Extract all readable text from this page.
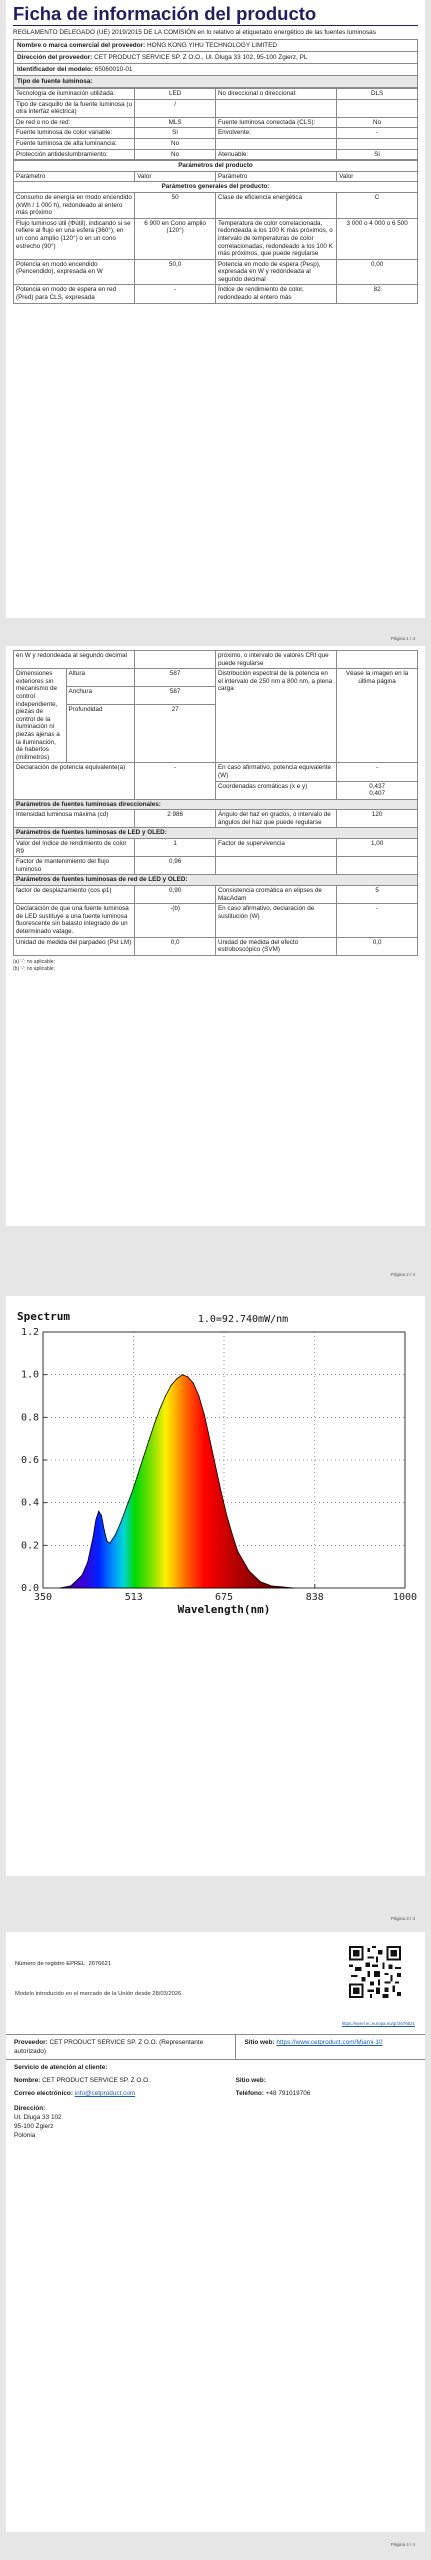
Ficha de información del producto
REGLAMENTO DELEGADO (UE) 2019/2015 DE LA COMISIÓN en lo relativo al etiquetado energético de las fuentes luminosas
Nombre o marca comercial del proveedor: HONG KONG YIHU TECHNOLOGY LIMITED
Dirección del proveedor: CET PRODUCT SERVICE SP. Z O.O., Ul. Dluga 33 102, 95-100 Zgierz, PL
Identificador del modelo: 65060010-01
Tipo de fuente luminosa:
Tecnología de iluminación utilizada:	LED	No direccional o direccional:	DLS
Tipo de casquillo de la fuente luminosa (u otra interfaz eléctrica)	/		
De red o no de red:	MLS	Fuente luminosa conectada (CLS):	No
Fuente luminosa de color variable:	Sí	Envolvente:	-
Fuente luminosa de alta luminancia:	No		
Protección antideslumbramiento:	No	Atenuable:	Sí
Parámetros del producto			
Parámetro	Valor	Parámetro	Valor
Parámetros generales del producto:			
Consumo de energía en modo encendido (kWh / 1 000 h), redondeado al entero más próximo	50	Clase de eficiencia energética	C
Flujo luminoso útil (Φútil), indicando si se refiere al flujo en una esfera (360°), en un cono amplio (120°) o en un cono estrecho (90°)	6 900 en Cono amplio (120°)	Temperatura de color correlacionada, redondeada a los 100 K más próximos, o intervalo de temperaturas de color correlacionadas, redondeado a los 100 K más próximos, que puede regularse	3 000 o 4 000 o 6 500
Potencia en modo encendido (Pencendido), expresada en W	50,0	Potencia en modo de espera (Pesp), expresada en W y redondeada al segundo decimal	0,00
Potencia en modo de espera en red (Pred) para CLS, expresada	-	Índice de rendimiento de color, redondeado al entero más	82
Página 1 / 4
en W y redondeada al segundo decimal			próximo, o intervalo de valores CRI que puede regularse	
Dimensiones exteriores sin mecanismo de control independiente, piezas de control de la iluminación ni piezas ajenas a la iluminación, de haberlos (milímetros)	Altura	587	Distribución espectral de la potencia en el intervalo de 250 nm a 800 nm, a plena carga	Véase la imagen en la última página
	Anchura	587		
	Profundidad	27		
Declaración de potencia equivalente(a)		-	En caso afirmativo, potencia equivalente (W)	-
			Coordenadas cromáticas (x e y)	0,437
0,407
Parámetros de fuentes luminosas direccionales:				
Intensidad luminosa máxima (cd)		2 986	Ángulo del haz en grados, o intervalo de ángulos del haz que puede regularse	120
Parámetros de fuentes luminosas de LED y OLED:				
Valor del índice de rendimiento de color R9		1	Factor de supervivencia	1,00
Factor de mantenimiento del flujo luminoso		0,96		
Parámetros de fuentes luminosas de red de LED y OLED:				
factor de desplazamiento (cos φ1)		0,90	Consistencia cromática en elipses de MacAdam	5
Declaración de que una fuente luminosa de LED sustituye a una fuente luminosa fluorescente sin balasto integrado de un determinado vatage.		-(b)	En caso afirmativo, declaración de sustitución (W)	-
Unidad de medida del parpadeo (Pst LM)		0,0	Unidad de medida del efecto estroboscópico (SVM)	0,0
(a) '-': no aplicable;
(b) '-': no aplicable;
Página 2 / 4
0.0
0.2
0.4
0.6
0.8
1.0
1.2
350	513	675	838	1000
Spectrum	1.0=92.740mW/nm
Wavelength(nm)
Página 3 / 4
Número de registro EPREL: 2676621
Modelo introducido en el mercado de la Unión desde 28/03/2026.
https://eprel.ec.europa.eu/qr/2676621
Proveedor: CET PRODUCT SERVICE SP. Z O.O. (Representante autorizado)
Sitio web: https://www.cetproduct.com/Miami-10
Servicio de atención al cliente:
Nombre: CET PRODUCT SERVICE SP. Z O.O.	Sitio web:
Correo electrónico: info@cetproduct.com	Teléfono: +48 791019706
Dirección:
Ul. Dluga 33 102
95-100 Zgierz
Polonia
Página 4 / 4
